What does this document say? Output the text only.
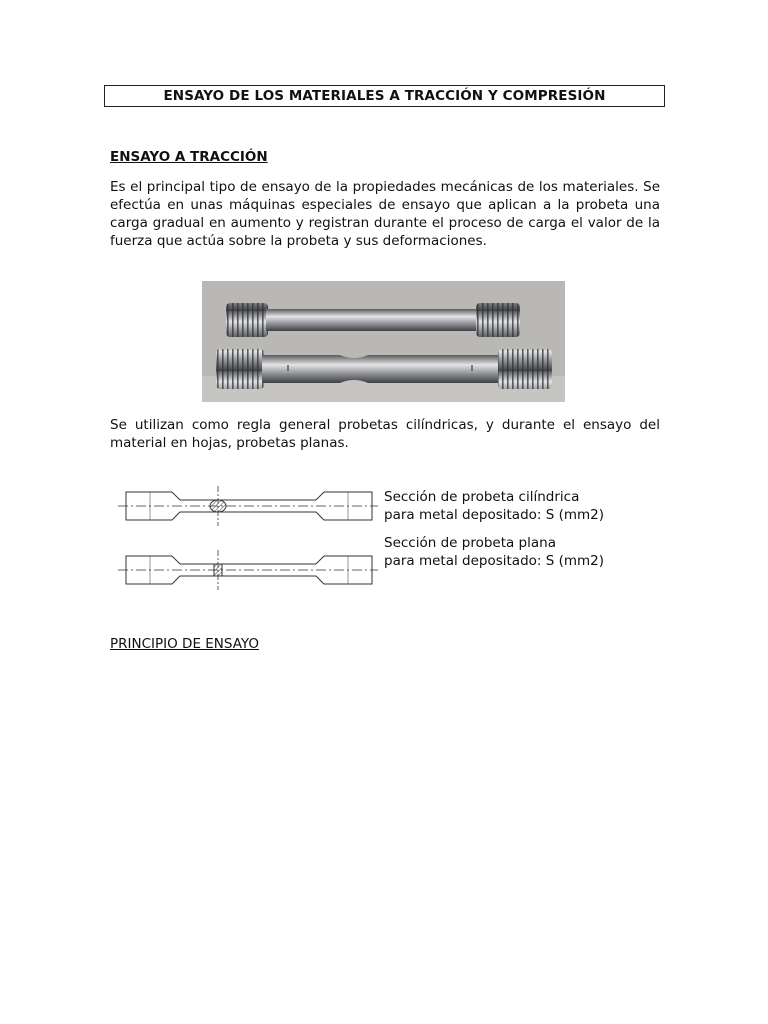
ENSAYO DE LOS MATERIALES A TRACCIÓN Y COMPRESIÓN
ENSAYO A TRACCIÓN
Es el principal tipo de ensayo de la propiedades mecánicas de los materiales. Se efectúa en unas máquinas especiales de ensayo que aplican a la probeta una carga gradual en aumento y registran durante el proceso de carga el valor de la fuerza que actúa sobre la probeta y sus deformaciones.
Se utilizan como regla general probetas cilíndricas, y durante el ensayo del material en hojas, probetas planas.
Sección de probeta cilíndrica
para metal depositado: S (mm2)
Sección de probeta plana
para metal depositado: S (mm2)
PRINCIPIO DE ENSAYO
